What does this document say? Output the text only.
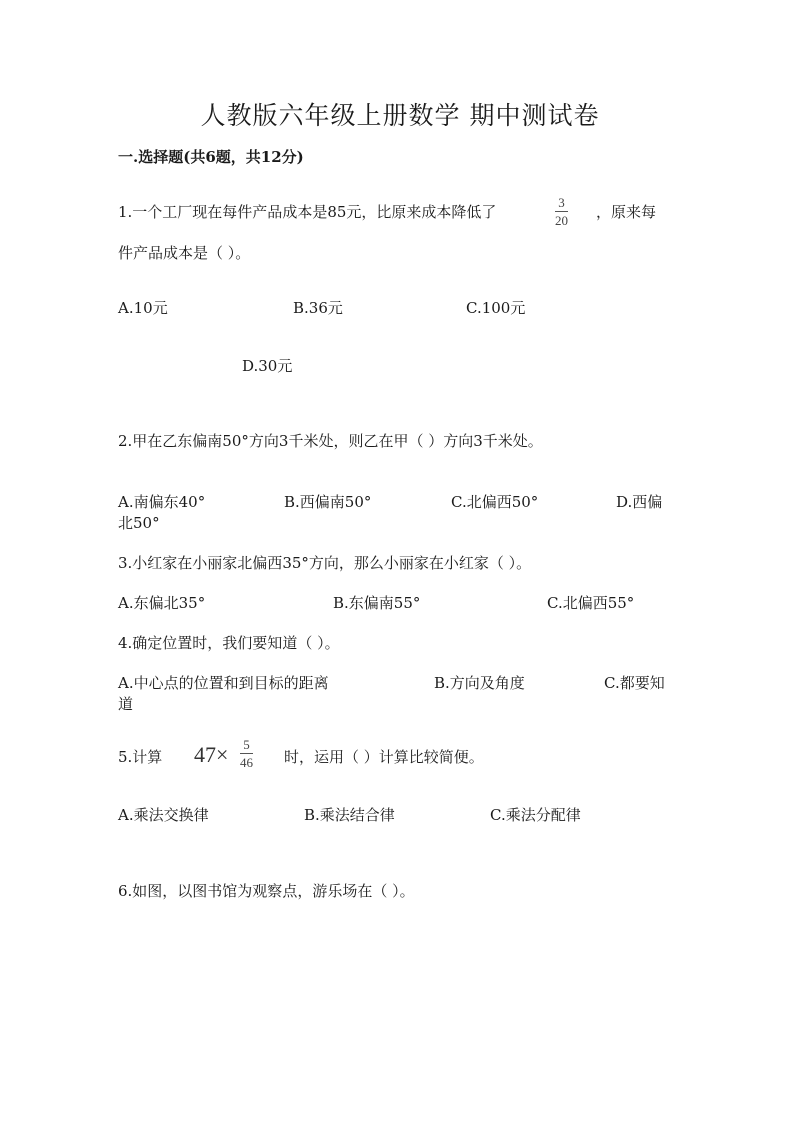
人教版六年级上册数学 期中测试卷
一.选择题(共6题，共12分)
1.一个工厂现在每件产品成本是85元，比原来成本降低了
3
20 ，原来每
件产品成本是（ ）。
A.10元	B.36元	C.100元
D.30元
2.甲在乙东偏南50°方向3千米处，则乙在甲（ ）方向3千米处。
A.南偏东40°	B.西偏南50°	C.北偏西50°	D.西偏
北50°
3.小红家在小丽家北偏西35°方向，那么小丽家在小红家（ ）。
A.东偏北35°	B.东偏南55°	C.北偏西55°
4.确定位置时，我们要知道（ ）。
A.中心点的位置和到目标的距离	B.方向及角度	C.都要知
道
5.计算 47× 5
46 时，运用（ ）计算比较简便。
A.乘法交换律	B.乘法结合律	C.乘法分配律
6.如图，以图书馆为观察点，游乐场在（ ）。
